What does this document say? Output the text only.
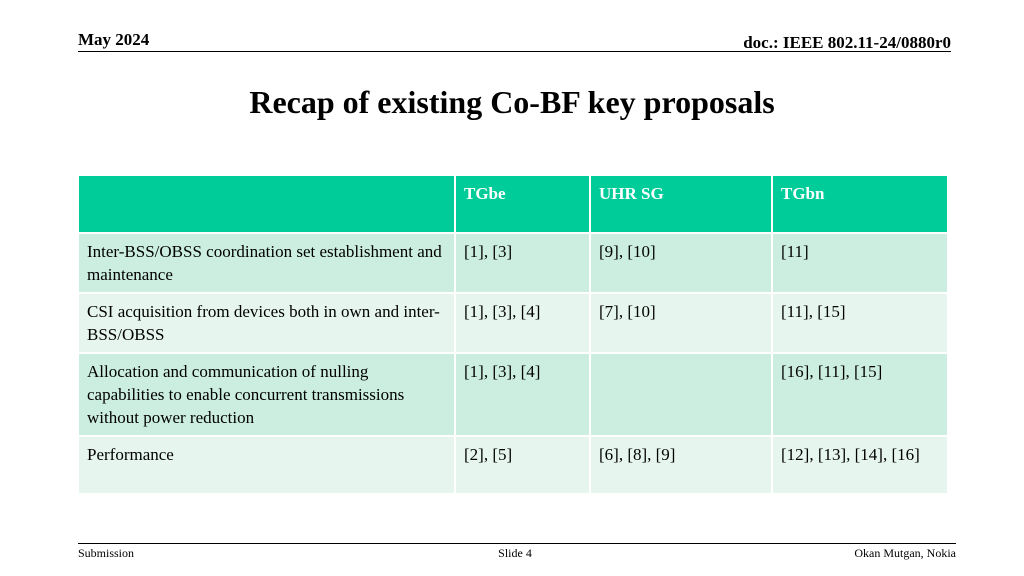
May 2024	doc.: IEEE 802.11-24/0880r0
Recap of existing Co-BF key proposals
	TGbe	UHR SG	TGbn
Inter-BSS/OBSS coordination set establishment and maintenance	[1], [3]	[9], [10]	[11]
CSI acquisition from devices both in own and inter-BSS/OBSS	[1], [3], [4]	[7], [10]	[11], [15]
Allocation and communication of nulling capabilities to enable concurrent transmissions without power reduction	[1], [3], [4]		[16], [11], [15]
Performance	[2], [5]	[6], [8], [9]	[12], [13], [14], [16]
Submission	Slide 4	Okan Mutgan, Nokia
